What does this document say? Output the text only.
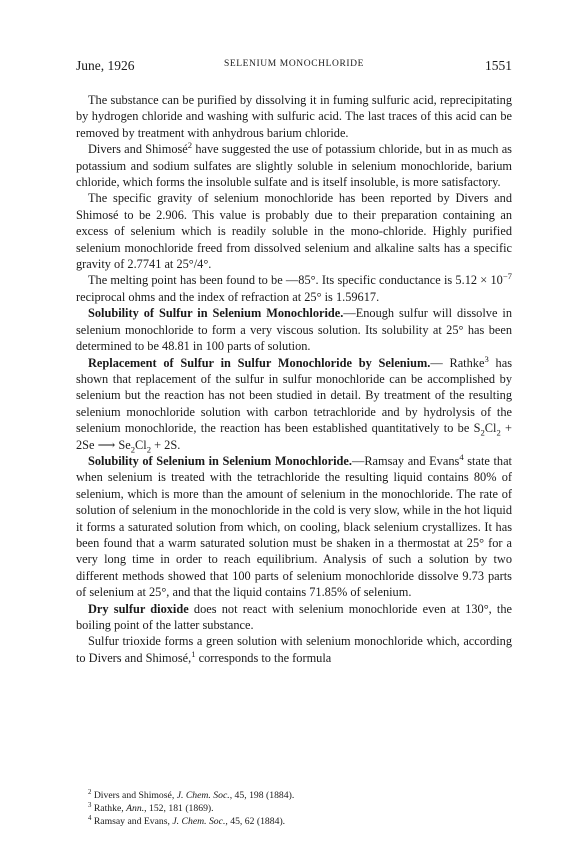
June, 1926	SELENIUM MONOCHLORIDE	1551

The substance can be purified by dissolving it in fuming sulfuric acid, reprecipitating by hydrogen chloride and washing with sulfuric acid. The last traces of this acid can be removed by treatment with anhydrous barium chloride.

Divers and Shimosé$^2$ have suggested the use of potassium chloride, but in as much as potassium and sodium sulfates are slightly soluble in selenium monochloride, barium chloride, which forms the insoluble sulfate and is itself insoluble, is more satisfactory.

The specific gravity of selenium monochloride has been reported by Divers and Shimosé to be 2.906. This value is probably due to their preparation containing an excess of selenium which is readily soluble in the mono-chloride. Highly purified selenium monochloride freed from dissolved selenium and alkaline salts has a specific gravity of 2.7741 at 25°/4°.

The melting point has been found to be —85°. Its specific conductance is $5.12 \times 10^{-7}$ reciprocal ohms and the index of refraction at 25° is 1.59617.

Solubility of Sulfur in Selenium Monochloride.—Enough sulfur will dissolve in selenium monochloride to form a very viscous solution. Its solubility at 25° has been determined to be 48.81 in 100 parts of solution.

Replacement of Sulfur in Sulfur Monochloride by Selenium.— Rathke$^3$ has shown that replacement of the sulfur in sulfur monochloride can be accomplished by selenium but the reaction has not been studied in detail. By treatment of the resulting selenium monochloride solution with carbon tetrachloride and by hydrolysis of the selenium monochloride, the reaction has been established quantitatively to be $S_2Cl_2 + 2Se$ ⟶ $Se_2Cl_2 + 2S$.

Solubility of Selenium in Selenium Monochloride.—Ramsay and Evans$^4$ state that when selenium is treated with the tetrachloride the resulting liquid contains 80% of selenium, which is more than the amount of selenium in the monochloride. The rate of solution of selenium in the monochloride in the cold is very slow, while in the hot liquid it forms a saturated solution from which, on cooling, black selenium crystallizes. It has been found that a warm saturated solution must be shaken in a thermostat at 25° for a very long time in order to reach equilibrium. Analysis of such a solution by two different methods showed that 100 parts of selenium monochloride dissolve 9.73 parts of selenium at 25°, and that the liquid contains 71.85% of selenium.

Dry sulfur dioxide does not react with selenium monochloride even at 130°, the boiling point of the latter substance.

Sulfur trioxide forms a green solution with selenium monochloride which, according to Divers and Shimosé,$^1$ corresponds to the formula

$^2$ Divers and Shimosé, J. Chem. Soc., 45, 198 (1884).

$^3$ Rathke, Ann., 152, 181 (1869).

$^4$ Ramsay and Evans, J. Chem. Soc., 45, 62 (1884).
